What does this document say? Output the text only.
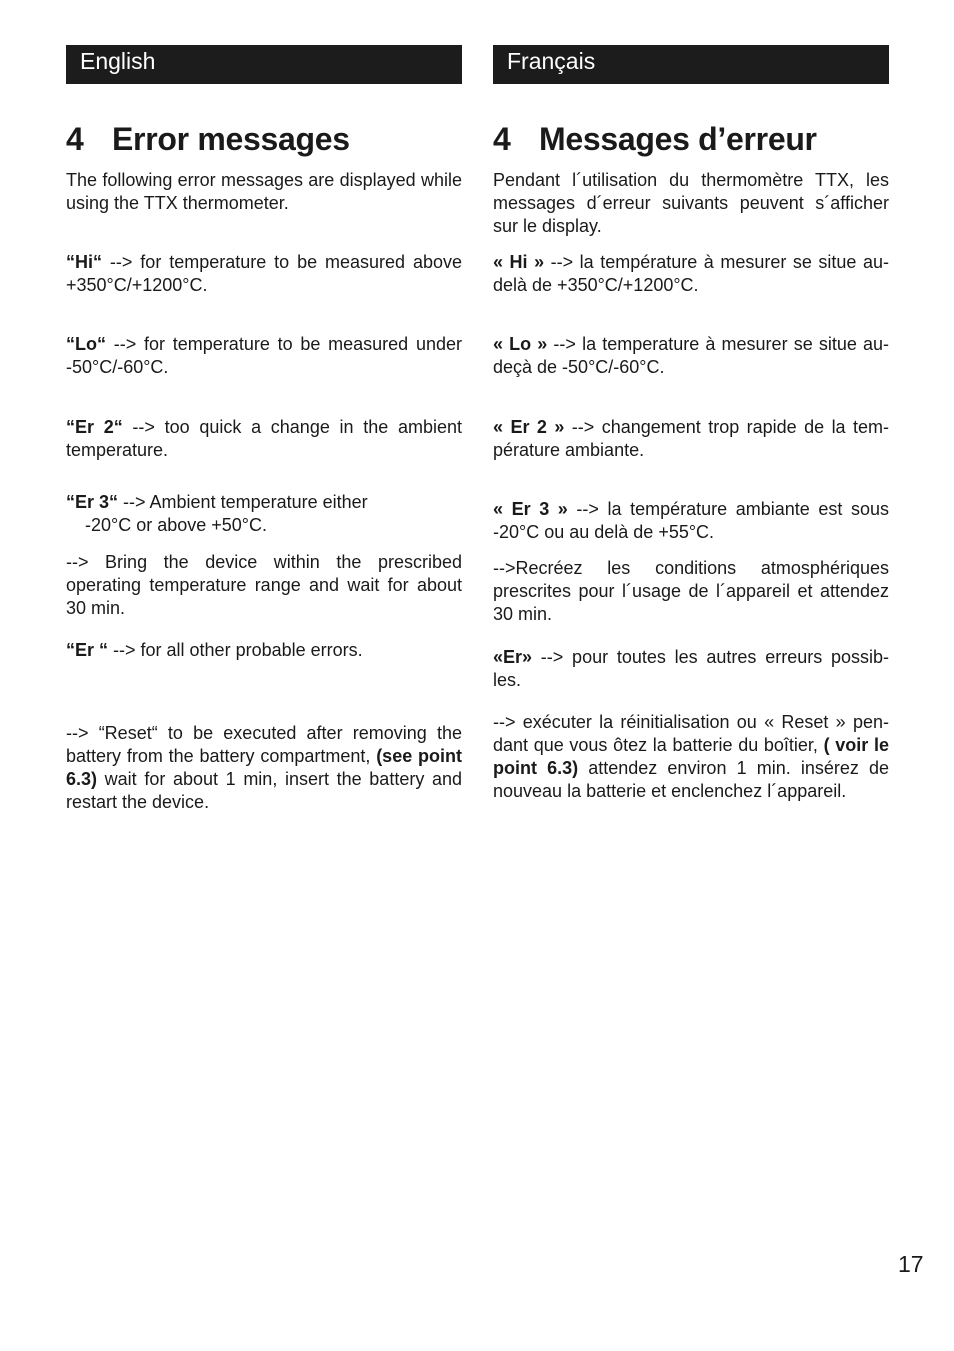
English
4 Error messages

The following error messages are displayed while using the TTX thermometer.

“Hi“ --> for temperature to be measured above +350°C/+1200°C.

“Lo“ --> for temperature to be measured under -50°C/-60°C.

“Er 2“ --> too quick a change in the ambient temperature.

“Er 3“ --> Ambient temperature either
-20°C or above +50°C.

--> Bring the device within the prescribed operating temperature range and wait for about 30 min.

“Er “ --> for all other probable errors.

--> “Reset“ to be executed after removing the battery from the battery compartment, (see point 6.3) wait for about 1 min, insert the battery and restart the device.

Français
4 Messages d’erreur

Pendant l´utilisation du thermomètre TTX, les messages d´erreur suivants peuvent s´afficher sur le display.

« Hi » --> la température à mesurer se situe au-delà de +350°C/+1200°C.

« Lo » --> la temperature à mesurer se situe au-deçà de -50°C/-60°C.

« Er 2 » --> changement trop rapide de la tem-pérature ambiante.

« Er 3 » --> la température ambiante est sous -20°C ou au delà de +55°C.

-->Recréez les conditions atmosphériques prescrites pour l´usage de l´appareil et attendez 30 min.

«Er» --> pour toutes les autres erreurs possib-les.

--> exécuter la réinitialisation ou « Reset » pen-dant que vous ôtez la batterie du boîtier, ( voir le point 6.3) attendez environ 1 min. insérez de nouveau la batterie et enclenchez l´appareil.

17
